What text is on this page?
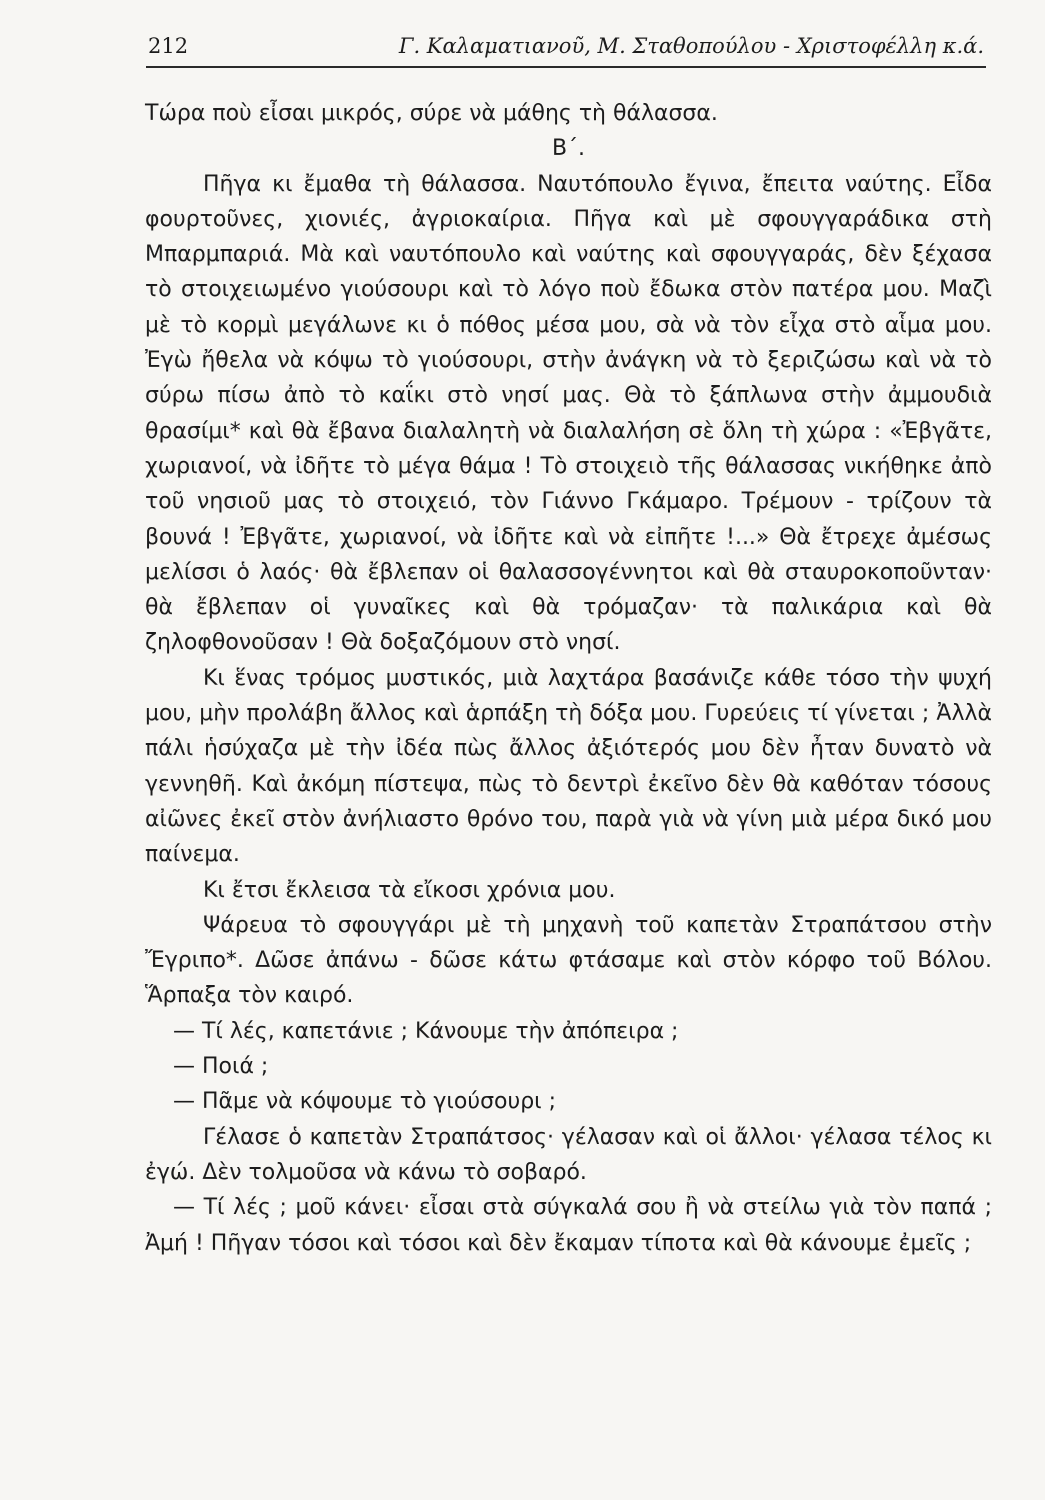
212	Γ. Καλαματιανοῦ, Μ. Σταθοπούλου - Χριστοφέλλη κ.ά.

Τώρα ποὺ εἶσαι μικρός, σύρε νὰ μάθης τὴ θάλασσα.

Β΄.

Πῆγα κι ἔμαθα τὴ θάλασσα. Ναυτόπουλο ἔγινα, ἔπειτα ναύτης. Εἶδα φουρτοῦνες, χιονιές, ἀγριοκαίρια. Πῆγα καὶ μὲ σφουγγαράδικα στὴ Μπαρμπαριά. Μὰ καὶ ναυτόπουλο καὶ ναύτης καὶ σφουγγαράς, δὲν ξέχασα τὸ στοιχειωμένο γιούσουρι καὶ τὸ λόγο ποὺ ἔδωκα στὸν πατέρα μου. Μαζὶ μὲ τὸ κορμὶ μεγάλωνε κι ὁ πόθος μέσα μου, σὰ νὰ τὸν εἶχα στὸ αἷμα μου. Ἐγὼ ἤθελα νὰ κόψω τὸ γιούσουρι, στὴν ἀνάγκη νὰ τὸ ξεριζώσω καὶ νὰ τὸ σύρω πίσω ἀπὸ τὸ καΐκι στὸ νησί μας. Θὰ τὸ ξάπλωνα στὴν ἀμμουδιὰ θρασίμι* καὶ θὰ ἔβανα διαλαλητὴ νὰ διαλαλήση σὲ ὅλη τὴ χώρα : «Ἐβγᾶτε, χωριανοί, νὰ ἰδῆτε τὸ μέγα θάμα ! Τὸ στοιχειὸ τῆς θάλασσας νικήθηκε ἀπὸ τοῦ νησιοῦ μας τὸ στοιχειό, τὸν Γιάννο Γκάμαρο. Τρέμουν - τρίζουν τὰ βουνά ! Ἐβγᾶτε, χωριανοί, νὰ ἰδῆτε καὶ νὰ εἰπῆτε !...» Θὰ ἔτρεχε ἀμέσως μελίσσι ὁ λαός· θὰ ἔβλεπαν οἱ θαλασσογέννητοι καὶ θὰ σταυροκοποῦνταν· θὰ ἔβλεπαν οἱ γυναῖκες καὶ θὰ τρόμαζαν· τὰ παλικάρια καὶ θὰ ζηλοφθονοῦσαν ! Θὰ δοξαζόμουν στὸ νησί.

Κι ἕνας τρόμος μυστικός, μιὰ λαχτάρα βασάνιζε κάθε τόσο τὴν ψυχή μου, μὴν προλάβη ἄλλος καὶ ἁρπάξη τὴ δόξα μου. Γυρεύεις τί γίνεται ; Ἀλλὰ πάλι ἡσύχαζα μὲ τὴν ἰδέα πὼς ἄλλος ἀξιότερός μου δὲν ἦταν δυνατὸ νὰ γεννηθῆ. Καὶ ἀκόμη πίστεψα, πὼς τὸ δεντρὶ ἐκεῖνο δὲν θὰ καθόταν τόσους αἰῶνες ἐκεῖ στὸν ἀνήλιαστο θρόνο του, παρὰ γιὰ νὰ γίνη μιὰ μέρα δικό μου παίνεμα.

Κι ἔτσι ἔκλεισα τὰ εἴκοσι χρόνια μου.

Ψάρευα τὸ σφουγγάρι μὲ τὴ μηχανὴ τοῦ καπετὰν Στραπάτσου στὴν Ἔγριπο*. Δῶσε ἀπάνω - δῶσε κάτω φτάσαμε καὶ στὸν κόρφο τοῦ Βόλου. Ἅρπαξα τὸν καιρό.

— Τί λές, καπετάνιε ; Κάνουμε τὴν ἀπόπειρα ;

— Ποιά ;

— Πᾶμε νὰ κόψουμε τὸ γιούσουρι ;

Γέλασε ὁ καπετὰν Στραπάτσος· γέλασαν καὶ οἱ ἄλλοι· γέλασα τέλος κι ἐγώ. Δὲν τολμοῦσα νὰ κάνω τὸ σοβαρό.

— Τί λές ; μοῦ κάνει· εἶσαι στὰ σύγκαλά σου ἢ νὰ στείλω γιὰ τὸν παπά ; Ἀμή ! Πῆγαν τόσοι καὶ τόσοι καὶ δὲν ἔκαμαν τίποτα καὶ θὰ κάνουμε ἐμεῖς ;
